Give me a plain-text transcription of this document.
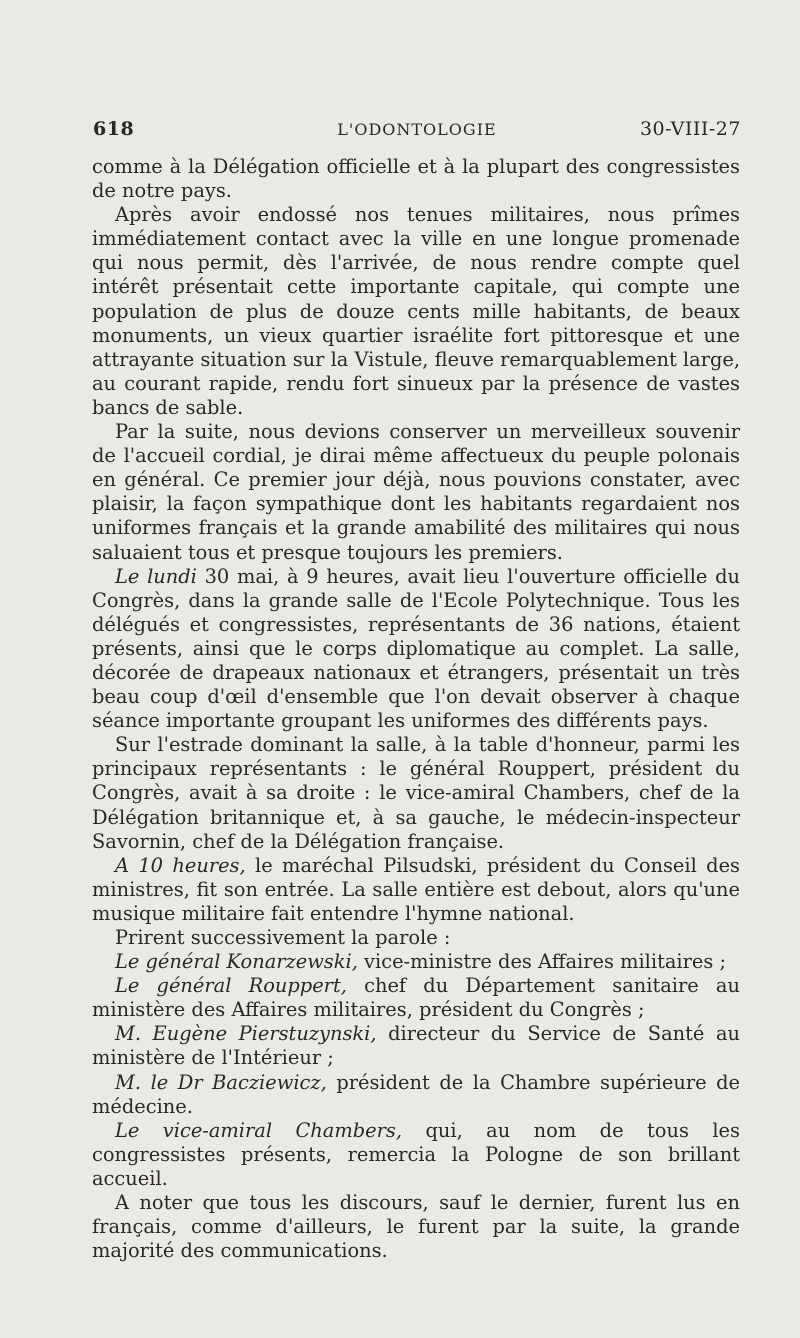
618	L'ODONTOLOGIE	30-VIII-27

comme à la Délégation officielle et à la plupart des congressistes de notre pays.

Après avoir endossé nos tenues militaires, nous prîmes immédiatement contact avec la ville en une longue promenade qui nous permit, dès l'arrivée, de nous rendre compte quel intérêt présentait cette importante capitale, qui compte une population de plus de douze cents mille habitants, de beaux monuments, un vieux quartier israélite fort pittoresque et une attrayante situation sur la Vistule, fleuve remarquablement large, au courant rapide, rendu fort sinueux par la présence de vastes bancs de sable.

Par la suite, nous devions conserver un merveilleux souvenir de l'accueil cordial, je dirai même affectueux du peuple polonais en général. Ce premier jour déjà, nous pouvions constater, avec plaisir, la façon sympathique dont les habitants regardaient nos uniformes français et la grande amabilité des militaires qui nous saluaient tous et presque toujours les premiers.

Le lundi 30 mai, à 9 heures, avait lieu l'ouverture officielle du Congrès, dans la grande salle de l'Ecole Polytechnique. Tous les délégués et congressistes, représentants de 36 nations, étaient présents, ainsi que le corps diplomatique au complet. La salle, décorée de drapeaux nationaux et étrangers, présentait un très beau coup d'œil d'ensemble que l'on devait observer à chaque séance importante groupant les uniformes des différents pays.

Sur l'estrade dominant la salle, à la table d'honneur, parmi les principaux représentants : le général Rouppert, président du Congrès, avait à sa droite : le vice-amiral Chambers, chef de la Délégation britannique et, à sa gauche, le médecin-inspecteur Savornin, chef de la Délégation française.

A 10 heures, le maréchal Pilsudski, président du Conseil des ministres, fit son entrée. La salle entière est debout, alors qu'une musique militaire fait entendre l'hymne national.

Prirent successivement la parole :

Le général Konarzewski, vice-ministre des Affaires militaires ;

Le général Rouppert, chef du Département sanitaire au ministère des Affaires militaires, président du Congrès ;

M. Eugène Pierstuzynski, directeur du Service de Santé au ministère de l'Intérieur ;

M. le Dr Bacziewicz, président de la Chambre supérieure de médecine.

Le vice-amiral Chambers, qui, au nom de tous les congressistes présents, remercia la Pologne de son brillant accueil.

A noter que tous les discours, sauf le dernier, furent lus en français, comme d'ailleurs, le furent par la suite, la grande majorité des communications.
